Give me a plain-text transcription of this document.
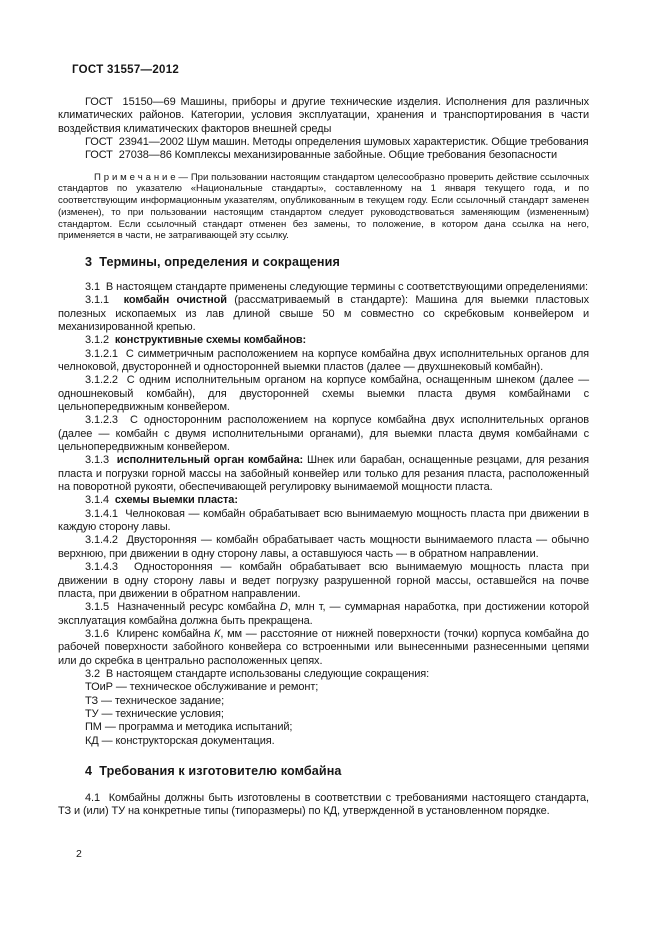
ГОСТ 31557—2012

ГОСТ  15150—69 Машины, приборы и другие технические изделия. Исполнения для различных климатических районов. Категории, условия эксплуатации, хранения и транспортирования в части воздействия климатических факторов внешней среды

ГОСТ  23941—2002 Шум машин. Методы определения шумовых характеристик. Общие требования

ГОСТ  27038—86 Комплексы механизированные забойные. Общие требования безопасности

П р и м е ч а н и е — При пользовании настоящим стандартом целесообразно проверить действие ссылочных стандартов по указателю «Национальные стандарты», составленному на 1 января текущего года, и по соответствующим информационным указателям, опубликованным в текущем году. Если ссылочный стандарт заменен (изменен), то при пользовании настоящим стандартом следует руководствоваться заменяющим (измененным) стандартом. Если ссылочный стандарт отменен без замены, то положение, в котором дана ссылка на него, применяется в части, не затрагивающей эту ссылку.

3  Термины, определения и сокращения

3.1  В настоящем стандарте применены следующие термины с соответствующими определениями:

3.1.1  комбайн очистной (рассматриваемый в стандарте): Машина для выемки пластовых полезных ископаемых из лав длиной свыше 50 м совместно со скребковым конвейером и механизированной крепью.

3.1.2  конструктивные схемы комбайнов:

3.1.2.1  С симметричным расположением на корпусе комбайна двух исполнительных органов для челноковой, двусторонней и односторонней выемки пластов (далее — двухшнековый комбайн).

3.1.2.2  С одним исполнительным органом на корпусе комбайна, оснащенным шнеком (далее — одношнековый комбайн), для двусторонней схемы выемки пласта двумя комбайнами с цельнопередвижным конвейером.

3.1.2.3  С односторонним расположением на корпусе комбайна двух исполнительных органов (далее — комбайн с двумя исполнительными органами), для выемки пласта двумя комбайнами с цельнопередвижным конвейером.

3.1.3  исполнительный орган комбайна: Шнек или барабан, оснащенные резцами, для резания пласта и погрузки горной массы на забойный конвейер или только для резания пласта, расположенный на поворотной рукояти, обеспечивающей регулировку вынимаемой мощности пласта.

3.1.4  схемы выемки пласта:

3.1.4.1  Челноковая — комбайн обрабатывает всю вынимаемую мощность пласта при движении в каждую сторону лавы.

3.1.4.2  Двусторонняя — комбайн обрабатывает часть мощности вынимаемого пласта — обычно верхнюю, при движении в одну сторону лавы, а оставшуюся часть — в обратном направлении.

3.1.4.3  Односторонняя — комбайн обрабатывает всю вынимаемую мощность пласта при движении в одну сторону лавы и ведет погрузку разрушенной горной массы, оставшейся на почве пласта, при движении в обратном направлении.

3.1.5  Назначенный ресурс комбайна D, млн т, — суммарная наработка, при достижении которой эксплуатация комбайна должна быть прекращена.

3.1.6  Клиренс комбайна К, мм — расстояние от нижней поверхности (точки) корпуса комбайна до рабочей поверхности забойного конвейера со встроенными или вынесенными разнесенными цепями или до скребка в центрально расположенных цепях.

3.2  В настоящем стандарте использованы следующие сокращения:

ТОиР — техническое обслуживание и ремонт;

ТЗ — техническое задание;

ТУ — технические условия;

ПМ — программа и методика испытаний;

КД — конструкторская документация.

4  Требования к изготовителю комбайна

4.1  Комбайны должны быть изготовлены в соответствии с требованиями настоящего стандарта, ТЗ и (или) ТУ на конкретные типы (типоразмеры) по КД, утвержденной в установленном порядке.

2
